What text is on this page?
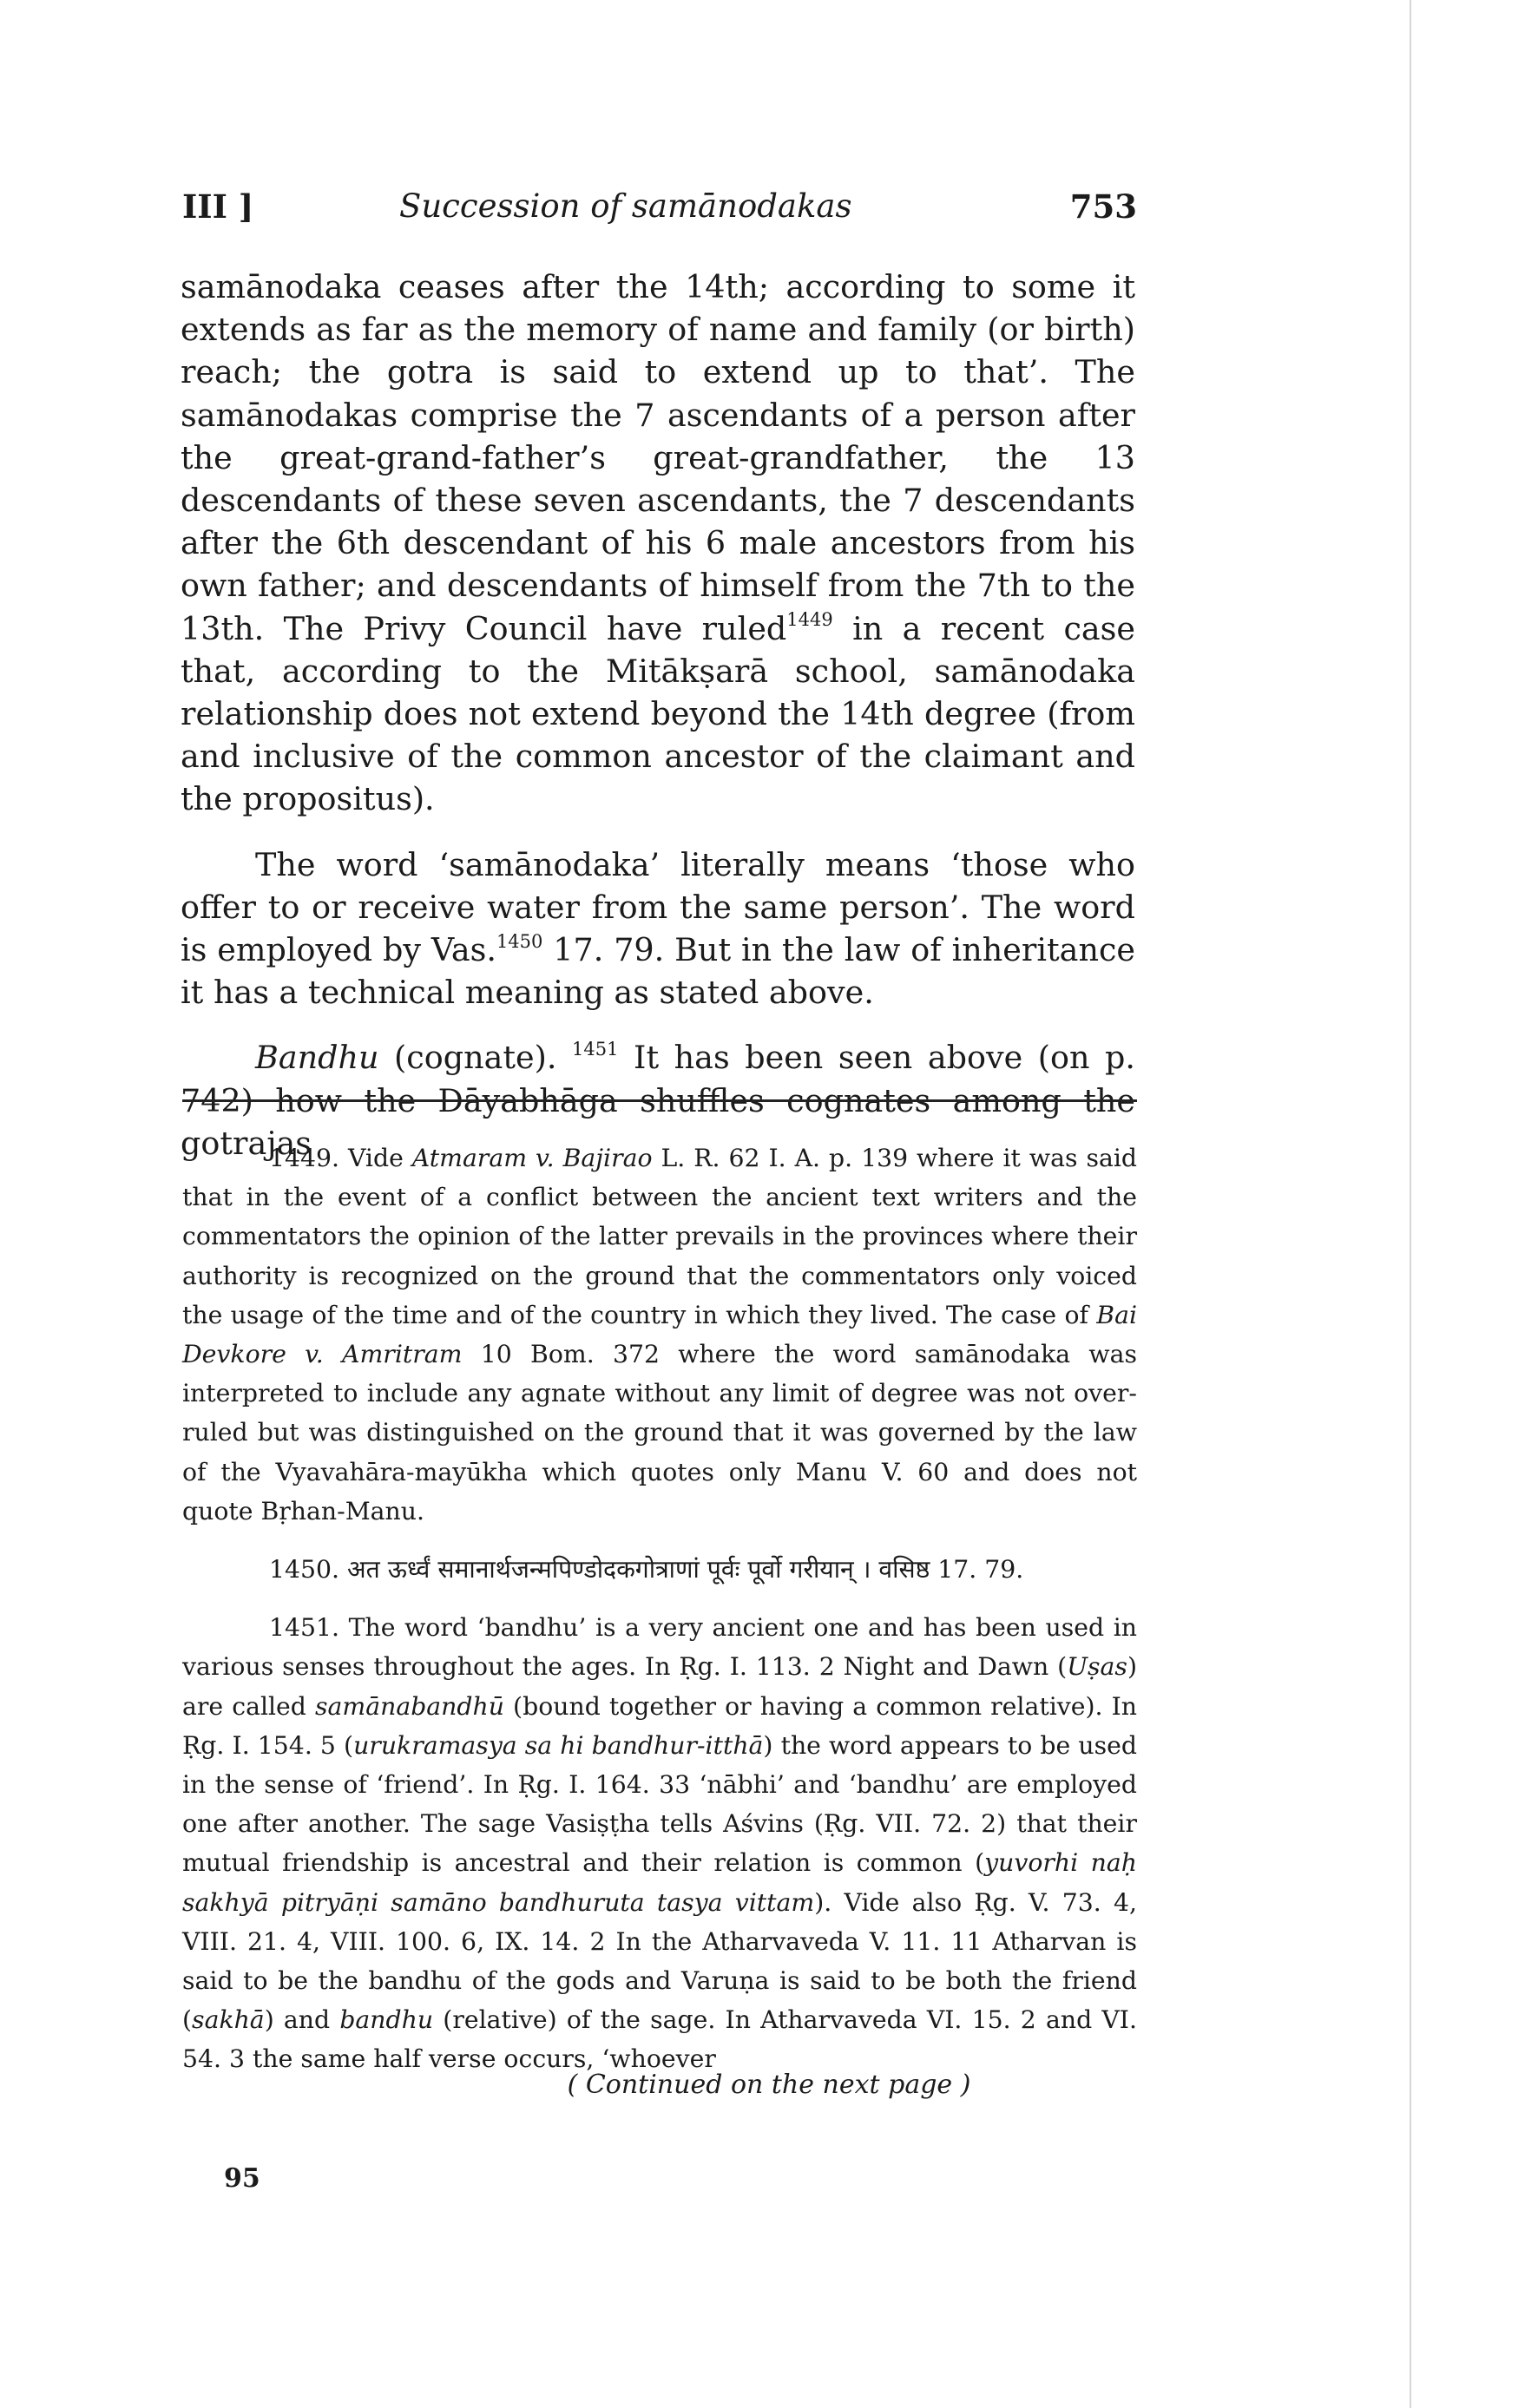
III ]	Succession of samānodakas	753

samānodaka ceases after the 14th; according to some it extends as far as the memory of name and family (or birth) reach; the gotra is said to extend up to that’. The samānodakas comprise the 7 ascendants of a person after the great-grand-father’s great-grandfather, the 13 descendants of these seven ascendants, the 7 descendants after the 6th descendant of his 6 male ancestors from his own father; and descendants of himself from the 7th to the 13th. The Privy Council have ruled$^{1449}$ in a recent case that, according to the Mitākṣarā school, samānodaka relationship does not extend beyond the 14th degree (from and inclusive of the common ancestor of the claimant and the propositus).

The word ‘samānodaka’ literally means ‘those who offer to or receive water from the same person’. The word is employed by Vas.$^{1450}$ 17. 79. But in the law of inheritance it has a technical meaning as stated above.

Bandhu (cognate). $^{1451}$ It has been seen above (on p. 742) how the Dāyabhāga shuffles cognates among the gotrajas

1449. Vide Atmaram v. Bajirao L. R. 62 I. A. p. 139 where it was said that in the event of a conflict between the ancient text writers and the commentators the opinion of the latter prevails in the provinces where their authority is recognized on the ground that the commentators only voiced the usage of the time and of the country in which they lived. The case of Bai Devkore v. Amritram 10 Bom. 372 where the word samānodaka was interpreted to include any agnate without any limit of degree was not over-ruled but was distinguished on the ground that it was governed by the law of the Vyavahāra-mayūkha which quotes only Manu V. 60 and does not quote Bṛhan-Manu.

1450. अत ऊर्ध्वं समानार्थजन्मपिण्डोदकगोत्राणां पूर्वः पूर्वो गरीयान् । वसिष्ठ 17. 79.

1451. The word ‘bandhu’ is a very ancient one and has been used in various senses throughout the ages. In Ṛg. I. 113. 2 Night and Dawn (Uṣas) are called samānabandhū (bound together or having a common relative). In Ṛg. I. 154. 5 (urukramasya sa hi bandhur-itthā) the word appears to be used in the sense of ‘friend’. In Ṛg. I. 164. 33 ‘nābhi’ and ‘bandhu’ are employed one after another. The sage Vasiṣṭha tells Aśvins (Ṛg. VII. 72. 2) that their mutual friendship is ancestral and their relation is common (yuvorhi naḥ sakhyā pitryāṇi samāno bandhuruta tasya vittam). Vide also Ṛg. V. 73. 4, VIII. 21. 4, VIII. 100. 6, IX. 14. 2 In the Atharvaveda V. 11. 11 Atharvan is said to be the bandhu of the gods and Varuṇa is said to be both the friend (sakhā) and bandhu (relative) of the sage. In Atharvaveda VI. 15. 2 and VI. 54. 3 the same half verse occurs, ‘whoever

( Continued on the next page )
95
